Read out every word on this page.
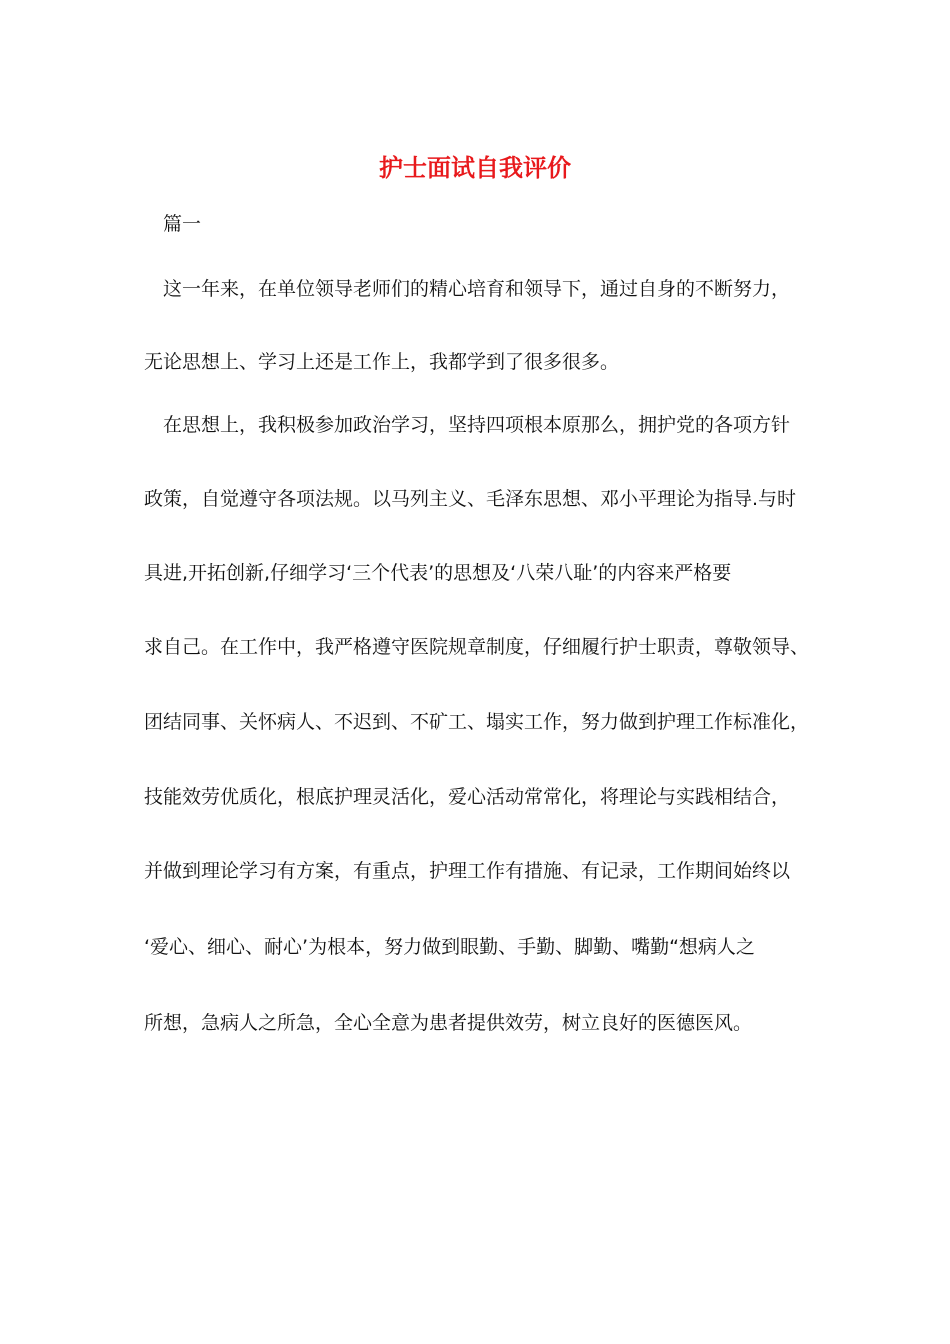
护士面试自我评价
篇一
这一年来，在单位领导老师们的精心培育和领导下，通过自身的不断努力，
无论思想上、学习上还是工作上，我都学到了很多很多。
在思想上，我积极参加政治学习，坚持四项根本原那么，拥护党的各项方针
政策，自觉遵守各项法规。以马列主义、毛泽东思想、邓小平理论为指导.与时
具进,开拓创新,仔细学习‘三个代表’的思想及‘八荣八耻’的内容来严格要
求自己。在工作中，我严格遵守医院规章制度，仔细履行护士职责，尊敬领导、
团结同事、关怀病人、不迟到、不矿工、塌实工作，努力做到护理工作标准化，
技能效劳优质化，根底护理灵活化，爱心活动常常化，将理论与实践相结合，
并做到理论学习有方案，有重点，护理工作有措施、有记录，工作期间始终以
‘爱心、细心、耐心’为根本，努力做到眼勤、手勤、脚勤、嘴勤“想病人之
所想，急病人之所急，全心全意为患者提供效劳，树立良好的医德医风。
